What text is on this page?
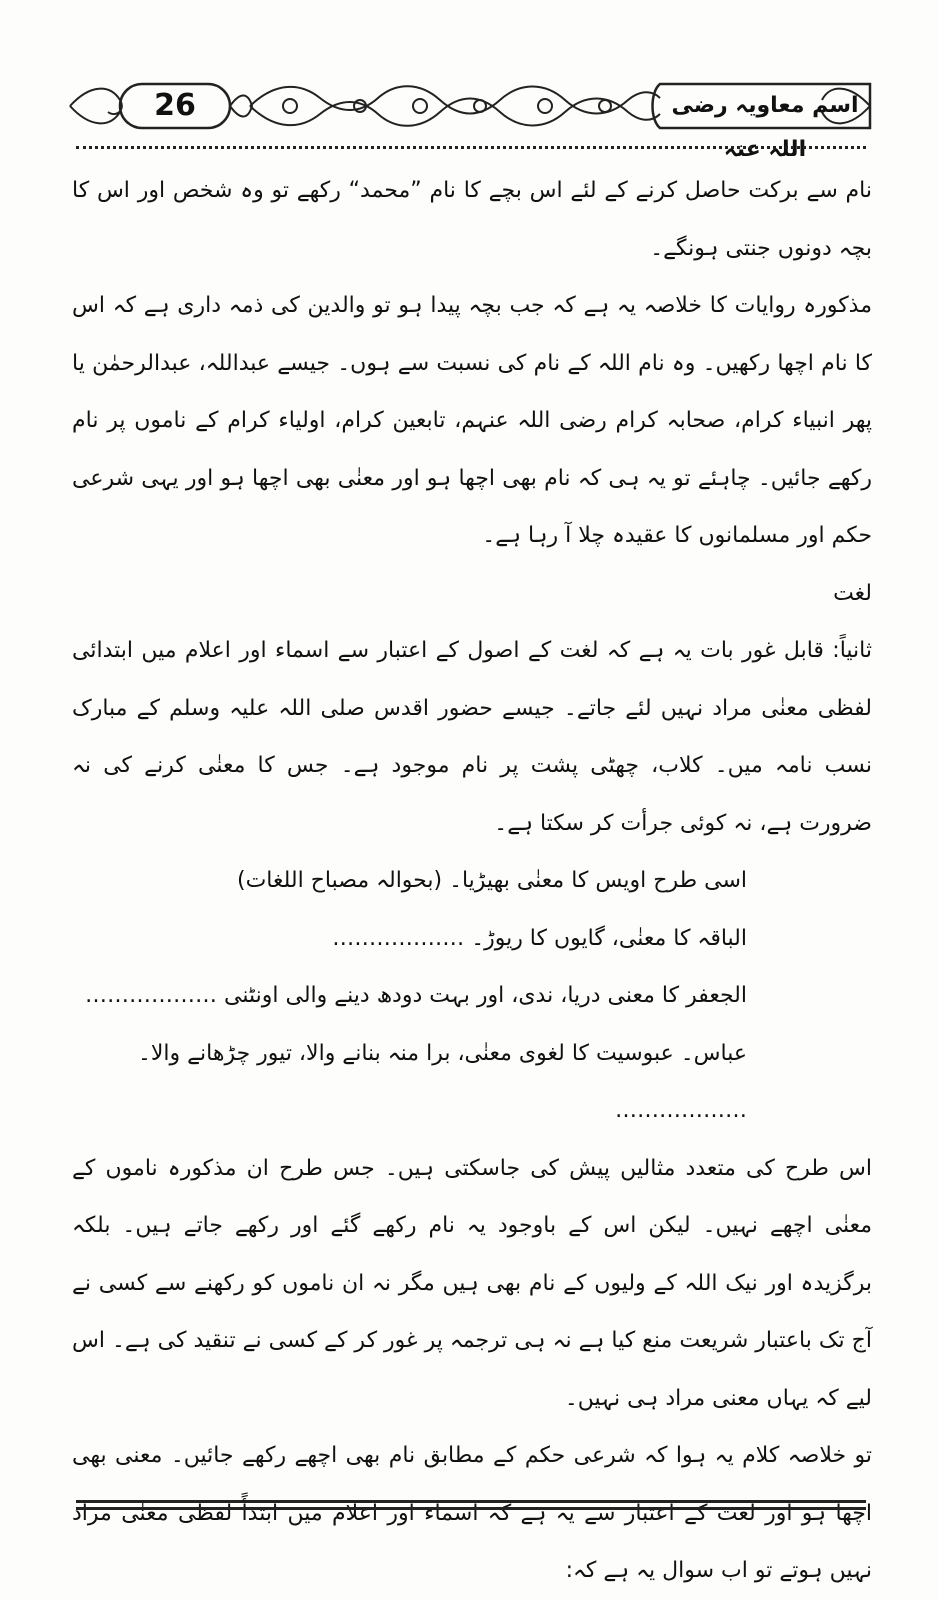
26	اسم معاویہ رضی اللہ عنہ

نام سے برکت حاصل کرنے کے لئے اس بچے کا نام ”محمد“ رکھے تو وہ شخص اور اس کا بچہ دونوں جنتی ہونگے۔

مذکورہ روایات کا خلاصہ یہ ہے کہ جب بچہ پیدا ہو تو والدین کی ذمہ داری ہے کہ اس کا نام اچھا رکھیں۔ وہ نام اللہ کے نام کی نسبت سے ہوں۔ جیسے عبداللہ، عبدالرحمٰن یا پھر انبیاء کرام، صحابہ کرام رضی اللہ عنہم، تابعین کرام، اولیاء کرام کے ناموں پر نام رکھے جائیں۔ چاہئے تو یہ ہی کہ نام بھی اچھا ہو اور معنٰی بھی اچھا ہو اور یہی شرعی حکم اور مسلمانوں کا عقیدہ چلا آ رہا ہے۔

لغت

ثانیاً: قابل غور بات یہ ہے کہ لغت کے اصول کے اعتبار سے اسماء اور اعلام میں ابتدائی لفظی معنٰی مراد نہیں لئے جاتے۔ جیسے حضور اقدس صلی اللہ علیہ وسلم کے مبارک نسب نامہ میں۔ کلاب، چھٹی پشت پر نام موجود ہے۔ جس کا معنٰی کرنے کی نہ ضرورت ہے، نہ کوئی جرأت کر سکتا ہے۔

اسی طرح اویس کا معنٰی بھیڑیا۔ (بحوالہ مصباح اللغات)

الباقہ کا معنٰی، گایوں کا ریوڑ۔ ………………

الجعفر کا معنی دریا، ندی، اور بہت دودھ دینے والی اونٹنی ………………

عباس۔ عبوسیت کا لغوی معنٰی، برا منہ بنانے والا، تیور چڑھانے والا۔ ………………

اس طرح کی متعدد مثالیں پیش کی جاسکتی ہیں۔ جس طرح ان مذکورہ ناموں کے معنٰی اچھے نہیں۔ لیکن اس کے باوجود یہ نام رکھے گئے اور رکھے جاتے ہیں۔ بلکہ برگزیدہ اور نیک اللہ کے ولیوں کے نام بھی ہیں مگر نہ ان ناموں کو رکھنے سے کسی نے آج تک باعتبار شریعت منع کیا ہے نہ ہی ترجمہ پر غور کر کے کسی نے تنقید کی ہے۔ اس لیے کہ یہاں معنی مراد ہی نہیں۔

تو خلاصہ کلام یہ ہوا کہ شرعی حکم کے مطابق نام بھی اچھے رکھے جائیں۔ معنی بھی اچھا ہو اور لغت کے اعتبار سے یہ ہے کہ اسماء اور اعلام میں ابتدأً لفظی معنٰی مراد نہیں ہوتے تو اب سوال یہ ہے کہ:
